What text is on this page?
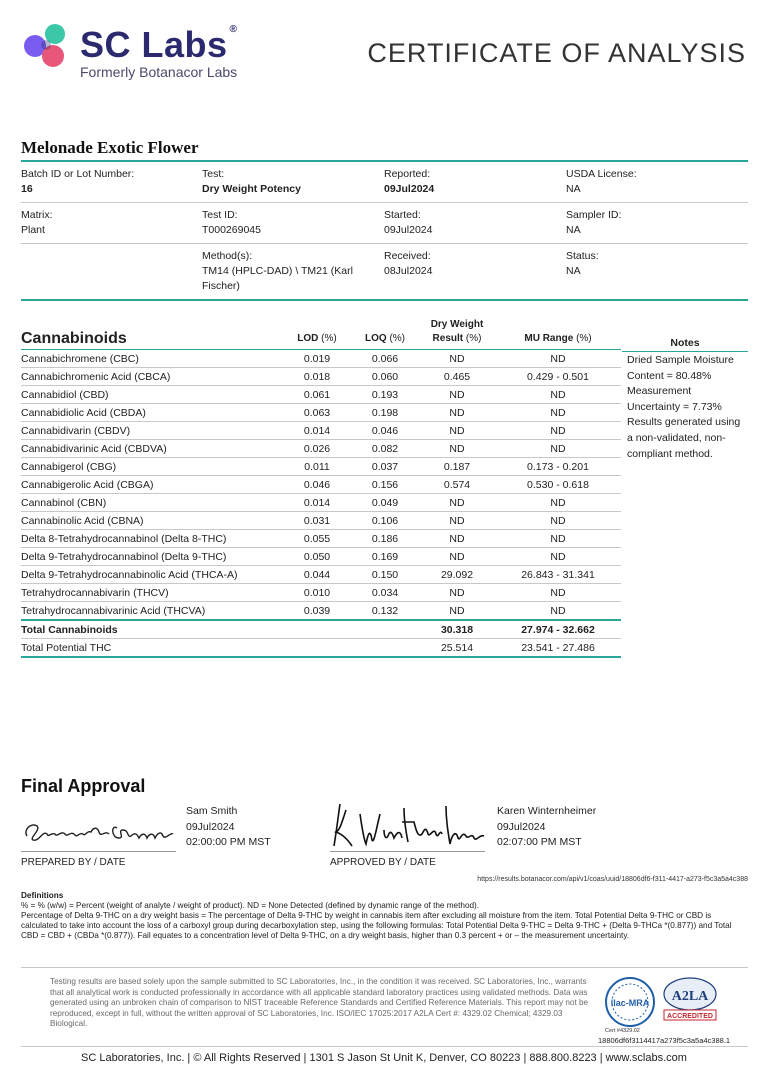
SC Labs ®
Formerly Botanacor Labs
CERTIFICATE OF ANALYSIS
Melonade Exotic Flower
Batch ID or Lot Number:
16
Test:
Dry Weight Potency
Reported:
09Jul2024
USDA License:
NA
Matrix:
Plant
Test ID:
T000269045
Started:
09Jul2024
Sampler ID:
NA
Method(s):
TM14 (HPLC-DAD) \ TM21 (Karl
Fischer)
Received:
08Jul2024
Status:
NA
Cannabinoids	LOD (%)	LOQ (%)	Dry Weight
Result (%)	MU Range (%)
Cannabichromene (CBC)	0.019	0.066	ND	ND
Cannabichromenic Acid (CBCA)	0.018	0.060	0.465	0.429 - 0.501
Cannabidiol (CBD)	0.061	0.193	ND	ND
Cannabidiolic Acid (CBDA)	0.063	0.198	ND	ND
Cannabidivarin (CBDV)	0.014	0.046	ND	ND
Cannabidivarinic Acid (CBDVA)	0.026	0.082	ND	ND
Cannabigerol (CBG)	0.011	0.037	0.187	0.173 - 0.201
Cannabigerolic Acid (CBGA)	0.046	0.156	0.574	0.530 - 0.618
Cannabinol (CBN)	0.014	0.049	ND	ND
Cannabinolic Acid (CBNA)	0.031	0.106	ND	ND
Delta 8-Tetrahydrocannabinol (Delta 8-THC)	0.055	0.186	ND	ND
Delta 9-Tetrahydrocannabinol (Delta 9-THC)	0.050	0.169	ND	ND
Delta 9-Tetrahydrocannabinolic Acid (THCA-A)	0.044	0.150	29.092	26.843 - 31.341
Tetrahydrocannabivarin (THCV)	0.010	0.034	ND	ND
Tetrahydrocannabivarinic Acid (THCVA)	0.039	0.132	ND	ND
Total Cannabinoids			30.318	27.974 - 32.662
Total Potential THC			25.514	23.541 - 27.486
Notes
Dried Sample Moisture Content = 80.48% Measurement Uncertainty = 7.73% Results generated using a non-validated, non-compliant method.
Final Approval
PREPARED BY / DATE
Sam Smith
09Jul2024
02:00:00 PM MST
APPROVED BY / DATE
Karen Winternheimer
09Jul2024
02:07:00 PM MST
https://results.botanacor.com/api/v1/coas/uuid/18806df6-f311-4417-a273-f5c3a5a4c388
Definitions
% = % (w/w) = Percent (weight of analyte / weight of product). ND = None Detected (defined by dynamic range of the method).
Percentage of Delta 9-THC on a dry weight basis = The percentage of Delta 9-THC by weight in cannabis item after excluding all moisture from the item. Total Potential Delta 9-THC or CBD is calculated to take into account the loss of a carboxyl group during decarboxylation step, using the following formulas: Total Potential Delta 9-THC = Delta 9-THC + (Delta 9-THCa *(0.877)) and Total CBD = CBD + (CBDa *(0.877)). Fail equates to a concentration level of Delta 9-THC, on a dry weight basis, higher than 0.3 percent + or – the measurement uncertainty.
Testing results are based solely upon the sample submitted to SC Laboratories, Inc., in the condition it was received. SC Laboratories, Inc., warrants that all analytical work is conducted professionally in accordance with all applicable standard laboratory practices using validated methods. Data was generated using an unbroken chain of comparison to NIST traceable Reference Standards and Certified Reference Materials. This report may not be reproduced, except in full, without the written approval of SC Laboratories, Inc. ISO/IEC 17025:2017 A2LA Cert #: 4329.02 Chemical; 4329.03 Biological.
ilac-MRA A2LA
ACCREDITED
Cert #4329.02
18806df6f3114417a273f5c3a5a4c388.1
SC Laboratories, Inc. | © All Rights Reserved | 1301 S Jason St Unit K, Denver, CO 80223 | 888.800.8223 | www.sclabs.com
